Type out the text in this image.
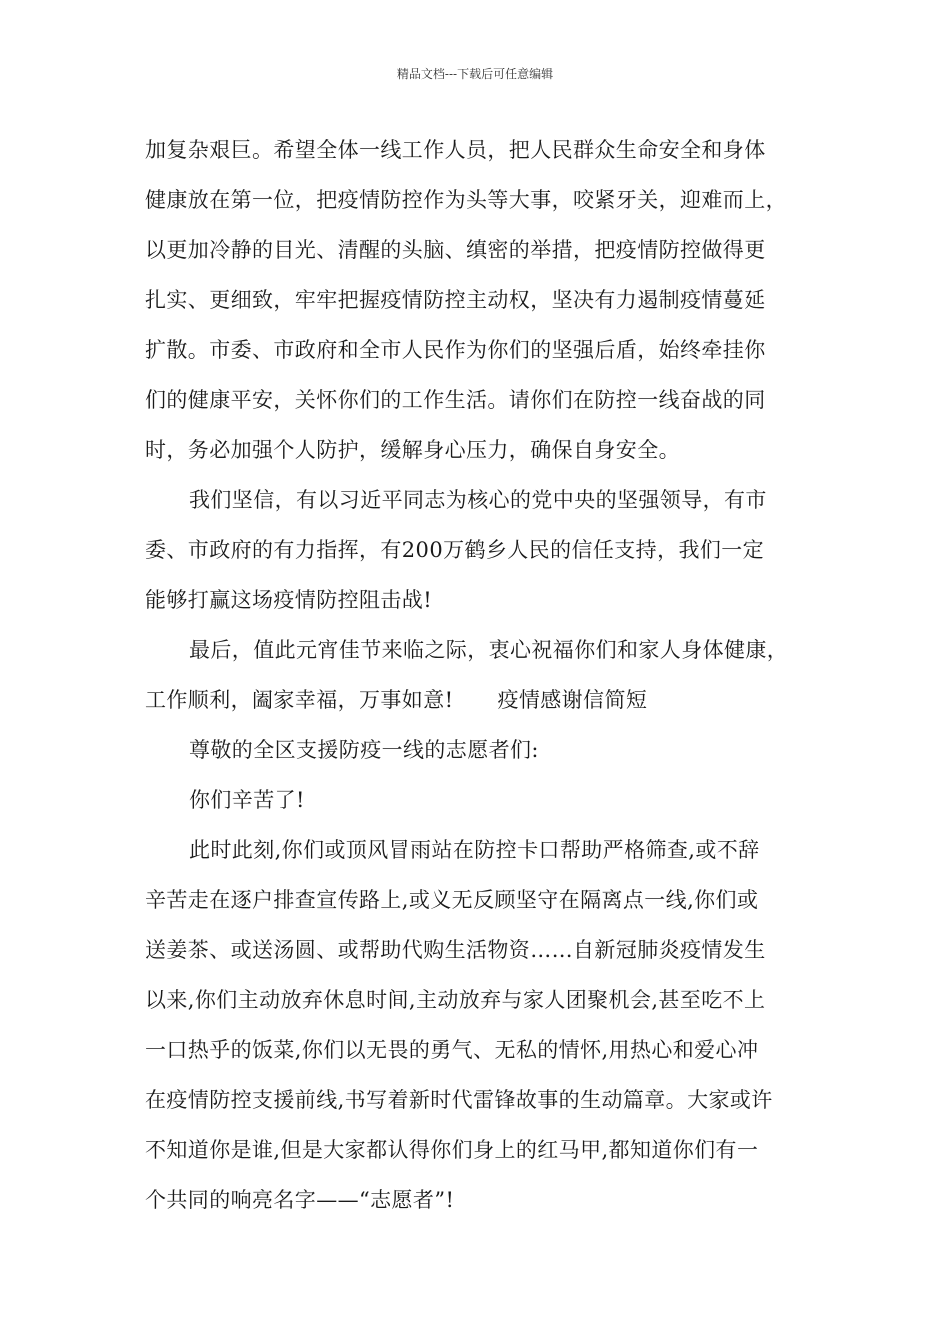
精品文档---下载后可任意编辑
加复杂艰巨。希望全体一线工作人员，把人民群众生命安全和身体
健康放在第一位，把疫情防控作为头等大事，咬紧牙关，迎难而上，
以更加冷静的目光、清醒的头脑、缜密的举措，把疫情防控做得更
扎实、更细致，牢牢把握疫情防控主动权，坚决有力遏制疫情蔓延
扩散。市委、市政府和全市人民作为你们的坚强后盾，始终牵挂你
们的健康平安，关怀你们的工作生活。请你们在防控一线奋战的同
时，务必加强个人防护，缓解身心压力，确保自身安全。
我们坚信，有以习近平同志为核心的党中央的坚强领导，有市
委、市政府的有力指挥，有200万鹤乡人民的信任支持，我们一定
能够打赢这场疫情防控阻击战!
最后，值此元宵佳节来临之际，衷心祝福你们和家人身体健康，
工作顺利，阖家幸福，万事如意! 疫情感谢信简短
尊敬的全区支援防疫一线的志愿者们:
你们辛苦了!
此时此刻,你们或顶风冒雨站在防控卡口帮助严格筛查,或不辞
辛苦走在逐户排查宣传路上,或义无反顾坚守在隔离点一线,你们或
送姜茶、或送汤圆、或帮助代购生活物资……自新冠肺炎疫情发生
以来,你们主动放弃休息时间,主动放弃与家人团聚机会,甚至吃不上
一口热乎的饭菜,你们以无畏的勇气、无私的情怀,用热心和爱心冲
在疫情防控支援前线,书写着新时代雷锋故事的生动篇章。大家或许
不知道你是谁,但是大家都认得你们身上的红马甲,都知道你们有一
个共同的响亮名字——“志愿者”!
